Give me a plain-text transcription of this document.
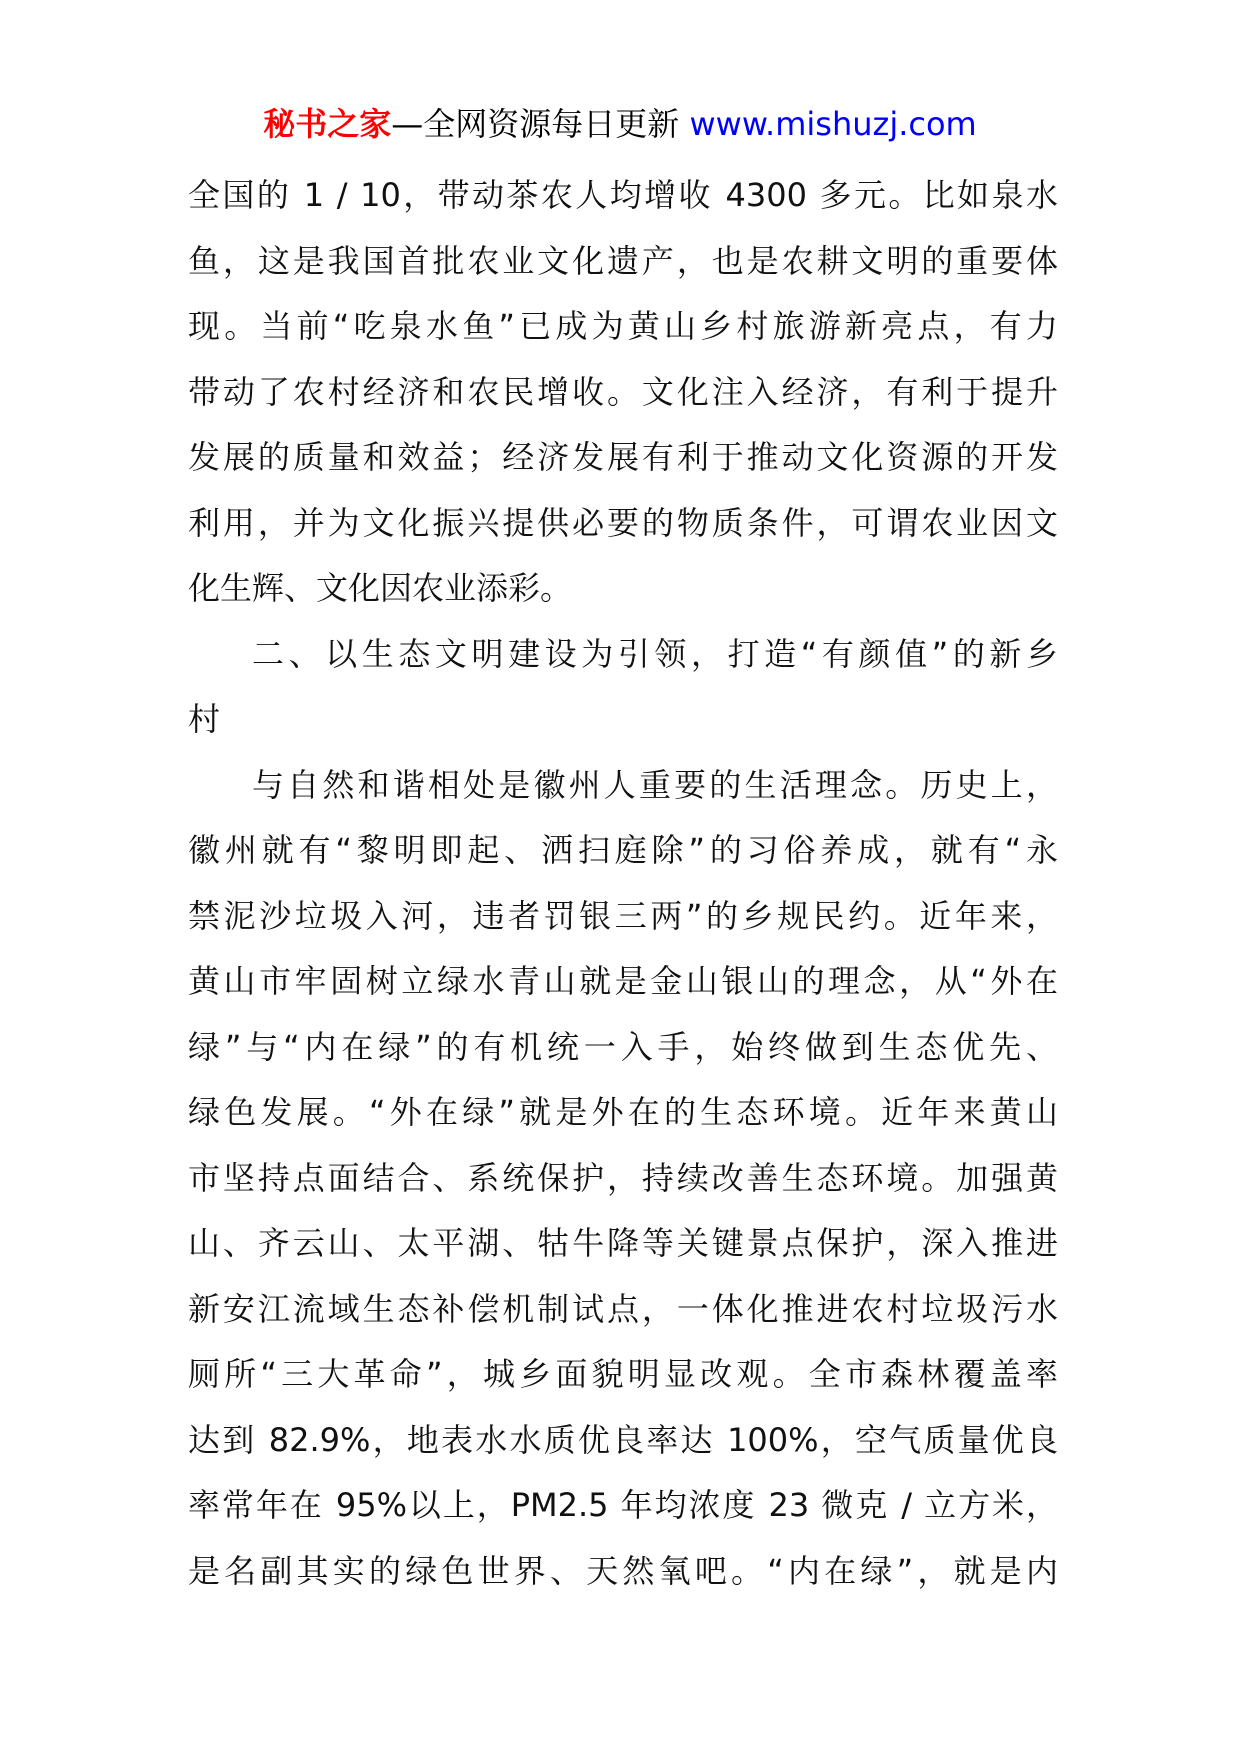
秘书之家—全网资源每日更新 www.mishuzj.com
全国的 1 / 10，带动茶农人均增收 4300 多元。比如泉水
鱼，这是我国首批农业文化遗产，也是农耕文明的重要体
现。当前“吃泉水鱼”已成为黄山乡村旅游新亮点，有力
带动了农村经济和农民增收。文化注入经济，有利于提升
发展的质量和效益；经济发展有利于推动文化资源的开发
利用，并为文化振兴提供必要的物质条件，可谓农业因文
化生辉、文化因农业添彩。
二、以生态文明建设为引领，打造“有颜值”的新乡
村
与自然和谐相处是徽州人重要的生活理念。历史上，
徽州就有“黎明即起、洒扫庭除”的习俗养成，就有“永
禁泥沙垃圾入河，违者罚银三两”的乡规民约。近年来，
黄山市牢固树立绿水青山就是金山银山的理念，从“外在
绿”与“内在绿”的有机统一入手，始终做到生态优先、
绿色发展。“外在绿”就是外在的生态环境。近年来黄山
市坚持点面结合、系统保护，持续改善生态环境。加强黄
山、齐云山、太平湖、牯牛降等关键景点保护，深入推进
新安江流域生态补偿机制试点，一体化推进农村垃圾污水
厕所“三大革命”，城乡面貌明显改观。全市森林覆盖率
达到 82.9%，地表水水质优良率达 100%，空气质量优良
率常年在 95%以上，PM2.5 年均浓度 23 微克 / 立方米，
是名副其实的绿色世界、天然氧吧。“内在绿”，就是内
